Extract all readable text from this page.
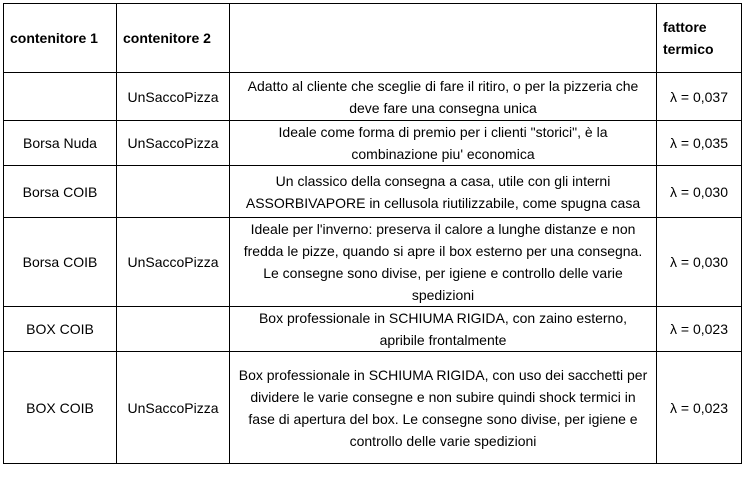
contenitore 1	contenitore 2		fattore termico
	UnSaccoPizza	Adatto al cliente che sceglie di fare il ritiro, o per la pizzeria che deve fare una consegna unica	λ = 0,037
Borsa Nuda	UnSaccoPizza	Ideale come forma di premio per i clienti "storici", è la combinazione piu' economica	λ = 0,035
Borsa COIB		Un classico della consegna a casa, utile con gli interni ASSORBIVAPORE in cellusola riutilizzabile, come spugna casa	λ = 0,030
Borsa COIB	UnSaccoPizza	Ideale per l'inverno: preserva il calore a lunghe distanze e non fredda le pizze, quando si apre il box esterno per una consegna. Le consegne sono divise, per igiene e controllo delle varie spedizioni	λ = 0,030
BOX COIB		Box professionale in SCHIUMA RIGIDA, con zaino esterno, apribile frontalmente	λ = 0,023
BOX COIB	UnSaccoPizza	Box professionale in SCHIUMA RIGIDA, con uso dei sacchetti per dividere le varie consegne e non subire quindi shock termici in fase di apertura del box. Le consegne sono divise, per igiene e controllo delle varie spedizioni	λ = 0,023
